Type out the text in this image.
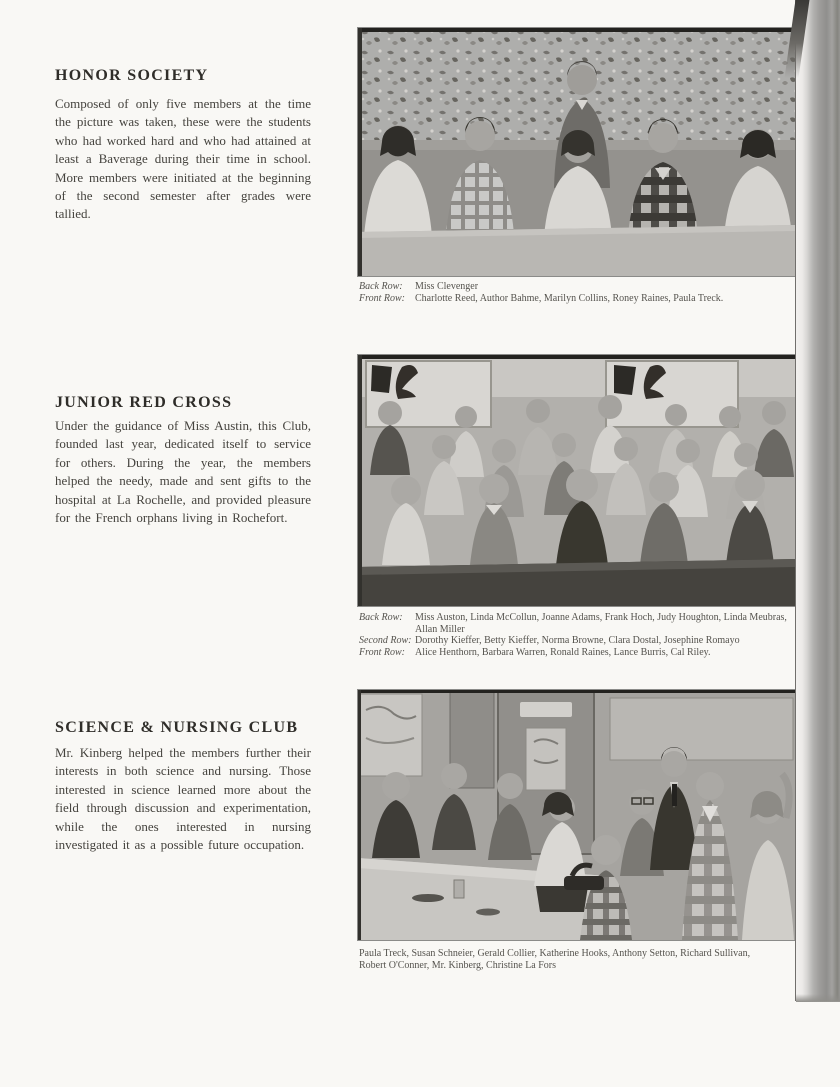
HONOR SOCIETY

Composed of only five members at the time the picture was taken, these were the students who had worked hard and who had attained at least a Baverage during their time in school. More members were initiated at the beginning of the second semester after grades were tallied.

Back Row:	Miss Clevenger
Front Row: Charlotte Reed, Author Bahme, Marilyn Collins, Roney Raines, Paula Treck.
JUNIOR RED CROSS

Under the guidance of Miss Austin, this Club, founded last year, dedicated itself to service for others. During the year, the members helped the needy, made and sent gifts to the hospital at La Rochelle, and provided pleasure for the French orphans living in Rochefort.

Back Row:	Miss Auston, Linda McCollun, Joanne Adams, Frank Hoch, Judy Houghton, Linda Meubras, Allan Miller
Second Row: Dorothy Kieffer, Betty Kieffer, Norma Browne, Clara Dostal, Josephine Romayo
Front Row: Alice Henthorn, Barbara Warren, Ronald Raines, Lance Burris, Cal Riley.
SCIENCE & NURSING CLUB

Mr. Kinberg helped the members further their interests in both science and nursing. Those interested in science learned more about the field through discussion and experimentation, while the ones interested in nursing investigated it as a possible future occupation.

Paula Treck, Susan Schneier, Gerald Collier, Katherine Hooks, Anthony Setton, Richard Sullivan, Robert O'Conner, Mr. Kinberg, Christine La Fors
